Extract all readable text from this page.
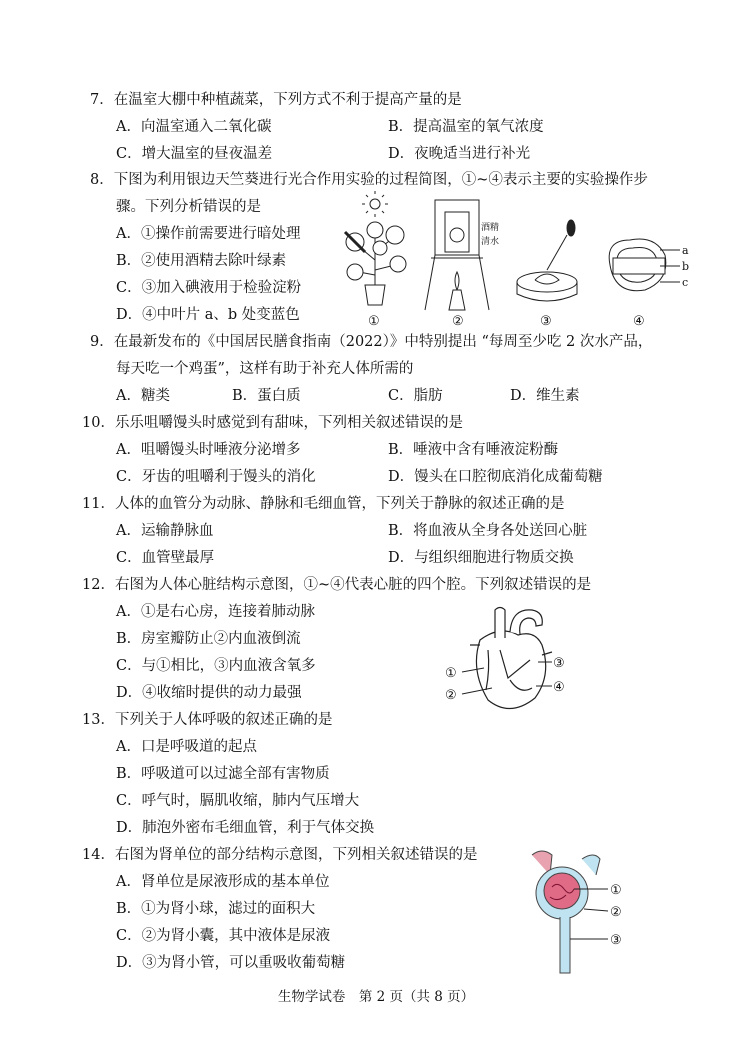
7．在温室大棚中种植蔬菜，下列方式不利于提高产量的是
A．向温室通入二氧化碳	B．提高温室的氧气浓度
C．增大温室的昼夜温差	D．夜晚适当进行补光
8．下图为利用银边天竺葵进行光合作用实验的过程简图，①~④表示主要的实验操作步
骤。下列分析错误的是
A．①操作前需要进行暗处理
B．②使用酒精去除叶绿素
C．③加入碘液用于检验淀粉
D．④中叶片 a、b 处变蓝色
酒精
清水
a
b
c
①	②	③	④
9．在最新发布的《中国居民膳食指南（2022）》中特别提出 “每周至少吃 2 次水产品，
每天吃一个鸡蛋”，这样有助于补充人体所需的
A．糖类	B．蛋白质	C．脂肪	D．维生素
10．乐乐咀嚼馒头时感觉到有甜味，下列相关叙述错误的是
A．咀嚼馒头时唾液分泌增多	B．唾液中含有唾液淀粉酶
C．牙齿的咀嚼利于馒头的消化	D．馒头在口腔彻底消化成葡萄糖
11．人体的血管分为动脉、静脉和毛细血管，下列关于静脉的叙述正确的是
A．运输静脉血	B．将血液从全身各处送回心脏
C．血管壁最厚	D．与组织细胞进行物质交换
12．右图为人体心脏结构示意图，①~④代表心脏的四个腔。下列叙述错误的是
A．①是右心房，连接着肺动脉
B．房室瓣防止②内血液倒流
C．与①相比，③内血液含氧多
D．④收缩时提供的动力最强
①
②
③
④
13．下列关于人体呼吸的叙述正确的是
A．口是呼吸道的起点
B．呼吸道可以过滤全部有害物质
C．呼气时，膈肌收缩，肺内气压增大
D．肺泡外密布毛细血管，利于气体交换
14．右图为肾单位的部分结构示意图，下列相关叙述错误的是
A．肾单位是尿液形成的基本单位
B．①为肾小球，滤过的面积大
C．②为肾小囊，其中液体是尿液
D．③为肾小管，可以重吸收葡萄糖
①
②
③
生物学试卷　第 2 页（共 8 页）
